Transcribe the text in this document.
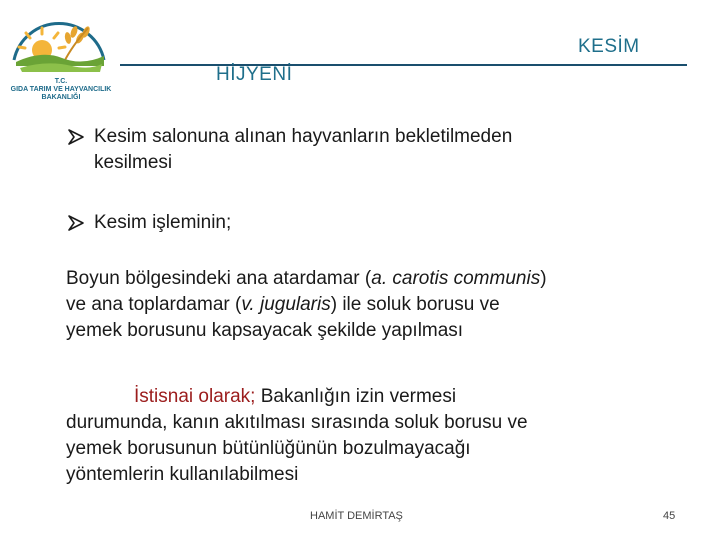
T.C.
GIDA TARIM VE HAYVANCILIK
BAKANLIĞI
KESİM
HİJYENİ
Kesim salonuna alınan hayvanların bekletilmeden
kesilmesi
Kesim işleminin;
Boyun bölgesindeki ana atardamar (a. carotis communis)
ve ana toplardamar (v. jugularis) ile soluk borusu ve
yemek borusunu kapsayacak şekilde yapılması
İstisnai olarak; Bakanlığın izin vermesi
durumunda, kanın akıtılması sırasında soluk borusu ve
yemek borusunun bütünlüğünün bozulmayacağı
yöntemlerin kullanılabilmesi
HAMİT DEMİRTAŞ	45
